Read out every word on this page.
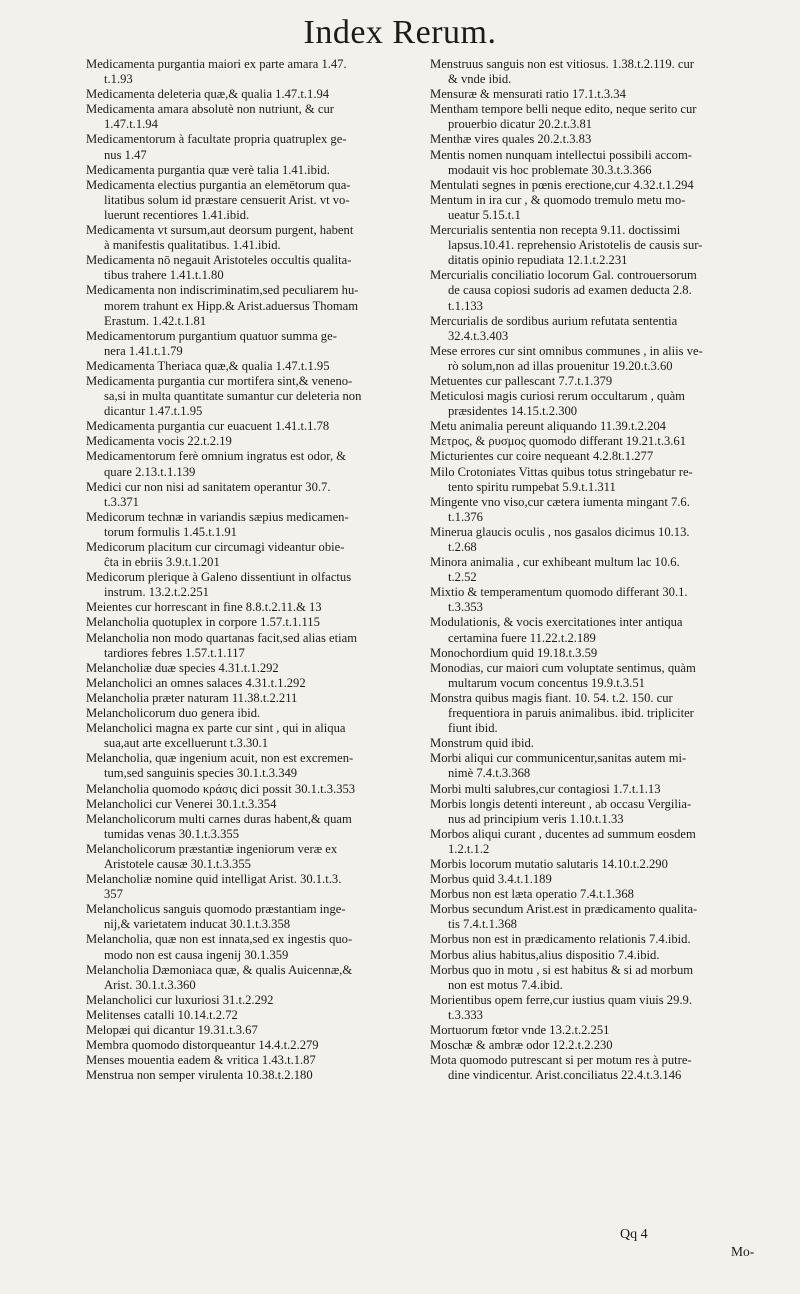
Index Rerum.

Medicamenta purgantia maiori ex parte amara 1.47.
t.1.93

Medicamenta deleteria quæ,& qualia 1.47.t.1.94

Medicamenta amara absolutè non nutriunt, & cur
1.47.t.1.94

Medicamentorum à facultate propria quatruplex ge-
nus 1.47

Medicamenta purgantia quæ verè talia 1.41.ibid.

Medicamenta electius purgantia an elemētorum qua-
litatibus solum id præstare censuerit Arist. vt vo-
luerunt recentiores 1.41.ibid.

Medicamenta vt sursum,aut deorsum purgent, habent
à manifestis qualitatibus. 1.41.ibid.

Medicamenta nō negauit Aristoteles occultis qualita-
tibus trahere 1.41.t.1.80

Medicamenta non indiscriminatim,sed peculiarem hu-
morem trahunt ex Hipp.& Arist.aduersus Thomam
Erastum. 1.42.t.1.81

Medicamentorum purgantium quatuor summa ge-
nera 1.41.t.1.79

Medicamenta Theriaca quæ,& qualia 1.47.t.1.95

Medicamenta purgantia cur mortifera sint,& veneno-
sa,si in multa quantitate sumantur cur deleteria non
dicantur 1.47.t.1.95

Medicamenta purgantia cur euacuent 1.41.t.1.78

Medicamenta vocis 22.t.2.19

Medicamentorum ferè omnium ingratus est odor, &
quare 2.13.t.1.139

Medici cur non nisi ad sanitatem operantur 30.7.
t.3.371

Medicorum technæ in variandis sæpius medicamen-
torum formulis 1.45.t.1.91

Medicorum placitum cur circumagi videantur obie-
ĉta in ebriis 3.9.t.1.201

Medicorum plerique à Galeno dissentiunt in olfactus
instrum. 13.2.t.2.251

Meientes cur horrescant in fine 8.8.t.2.11.& 13

Melancholia quotuplex in corpore 1.57.t.1.115

Melancholia non modo quartanas facit,sed alias etiam
tardiores febres 1.57.t.1.117

Melancholiæ duæ species 4.31.t.1.292

Melancholici an omnes salaces 4.31.t.1.292

Melancholia præter naturam 11.38.t.2.211

Melancholicorum duo genera ibid.

Melancholici magna ex parte cur sint , qui in aliqua
sua,aut arte excelluerunt t.3.30.1

Melancholia, quæ ingenium acuit, non est excremen-
tum,sed sanguinis species 30.1.t.3.349

Melancholia quomodo κράσις dici possit 30.1.t.3.353

Melancholici cur Venerei 30.1.t.3.354

Melancholicorum multi carnes duras habent,& quam
tumidas venas 30.1.t.3.355

Melancholicorum præstantiæ ingeniorum veræ ex
Aristotele causæ 30.1.t.3.355

Melancholiæ nomine quid intelligat Arist. 30.1.t.3.
357

Melancholicus sanguis quomodo præstantiam inge-
nij,& varietatem inducat 30.1.t.3.358

Melancholia, quæ non est innata,sed ex ingestis quo-
modo non est causa ingenij 30.1.359

Melancholia Dæmoniaca quæ, & qualis Auicennæ,&
Arist. 30.1.t.3.360

Melancholici cur luxuriosi 31.t.2.292

Melitenses catalli 10.14.t.2.72

Melopæi qui dicantur 19.31.t.3.67

Membra quomodo distorqueantur 14.4.t.2.279

Menses mouentia eadem & vritica 1.43.t.1.87

Menstrua non semper virulenta 10.38.t.2.180

Menstruus sanguis non est vitiosus. 1.38.t.2.119. cur
& vnde ibid.

Mensuræ & mensurati ratio 17.1.t.3.34

Mentham tempore belli neque edito, neque serito cur
prouerbio dicatur 20.2.t.3.81

Menthæ vires quales 20.2.t.3.83

Mentis nomen nunquam intellectui possibili accom-
modauit vis hoc problemate 30.3.t.3.366

Mentulati segnes in pœnis erectione,cur 4.32.t.1.294

Mentum in ira cur , & quomodo tremulo metu mo-
ueatur 5.15.t.1

Mercurialis sententia non recepta 9.11. doctissimi
lapsus.10.41. reprehensio Aristotelis de causis sur-
ditatis opinio repudiata 12.1.t.2.231

Mercurialis conciliatio locorum Gal. controuersorum
de causa copiosi sudoris ad examen deducta 2.8.
t.1.133

Mercurialis de sordibus aurium refutata sententia
32.4.t.3.403

Mese errores cur sint omnibus communes , in aliis ve-
rò solum,non ad illas prouenitur 19.20.t.3.60

Metuentes cur pallescant 7.7.t.1.379

Meticulosi magis curiosi rerum occultarum , quàm
præsidentes 14.15.t.2.300

Metu animalia pereunt aliquando 11.39.t.2.204

Μετρος, & ρυσμος quomodo differant 19.21.t.3.61

Micturientes cur coire nequeant 4.2.8t.1.277

Milo Crotoniates Vittas quibus totus stringebatur re-
tento spiritu rumpebat 5.9.t.1.311

Mingente vno viso,cur cætera iumenta mingant 7.6.
t.1.376

Minerua glaucis oculis , nos gasalos dicimus 10.13.
t.2.68

Minora animalia , cur exhibeant multum lac 10.6.
t.2.52

Mixtio & temperamentum quomodo differant 30.1.
t.3.353

Modulationis, & vocis exercitationes inter antiqua
certamina fuere 11.22.t.2.189

Monochordium quid 19.18.t.3.59

Monodias, cur maiori cum voluptate sentimus, quàm
multarum vocum concentus 19.9.t.3.51

Monstra quibus magis fiant. 10. 54. t.2. 150. cur
frequentiora in paruis animalibus. ibid. tripliciter
fiunt ibid.

Monstrum quid ibid.

Morbi aliqui cur communicentur,sanitas autem mi-
nimè 7.4.t.3.368

Morbi multi salubres,cur contagiosi 1.7.t.1.13

Morbis longis detenti intereunt , ab occasu Vergilia-
nus ad principium veris 1.10.t.1.33

Morbos aliqui curant , ducentes ad summum eosdem
1.2.t.1.2

Morbis locorum mutatio salutaris 14.10.t.2.290

Morbus quid 3.4.t.1.189

Morbus non est læta operatio 7.4.t.1.368

Morbus secundum Arist.est in prædicamento qualita-
tis 7.4.t.1.368

Morbus non est in prædicamento relationis 7.4.ibid.

Morbus alius habitus,alius dispositio 7.4.ibid.

Morbus quo in motu , si est habitus & si ad morbum
non est motus 7.4.ibid.

Morientibus opem ferre,cur iustius quam viuis 29.9.
t.3.333

Mortuorum fœtor vnde 13.2.t.2.251

Moschæ & ambræ odor 12.2.t.2.230

Mota quomodo putrescant si per motum res à putre-
dine vindicentur. Arist.conciliatus 22.4.t.3.146

Qq 4
Mo-
